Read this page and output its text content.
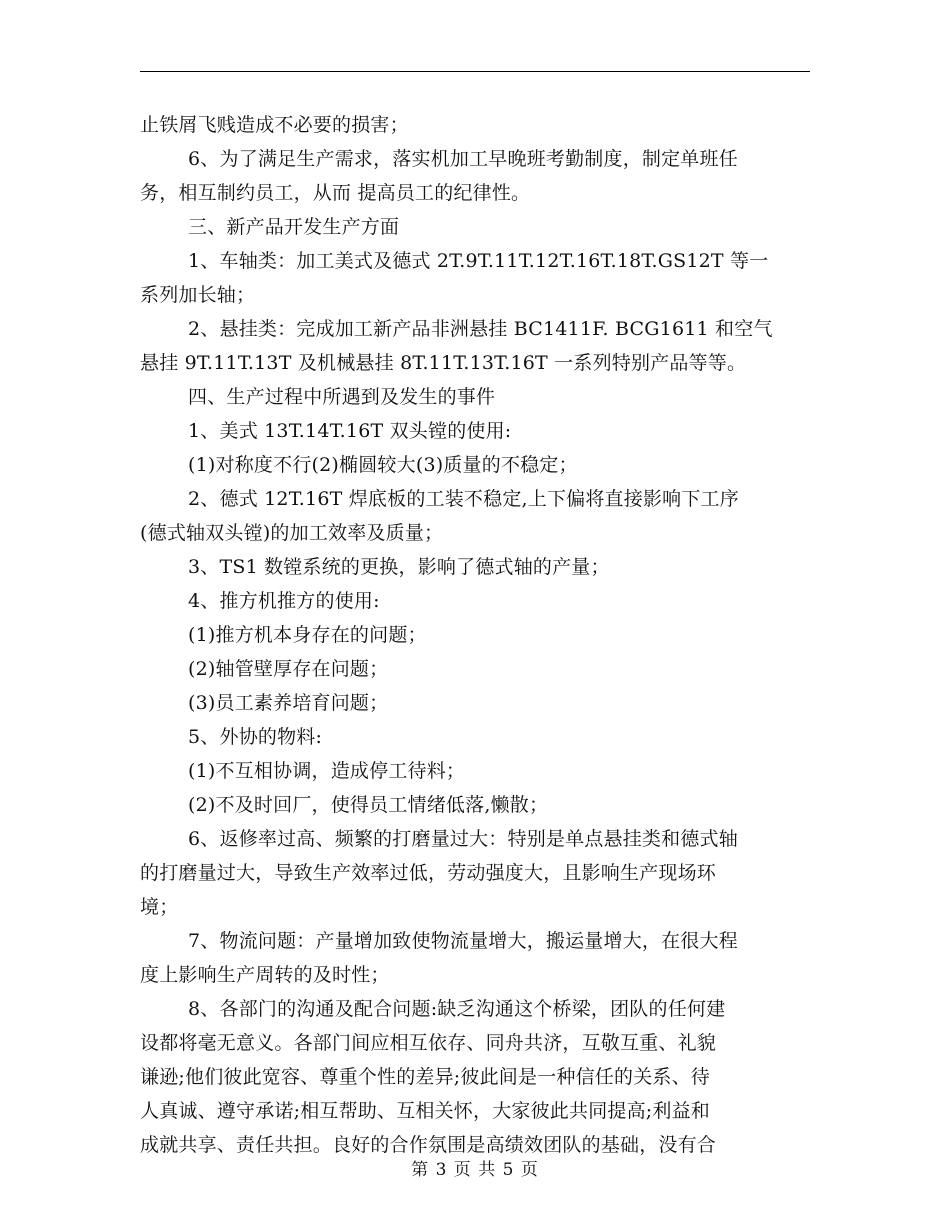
止铁屑飞贱造成不必要的损害；
6、为了满足生产需求，落实机加工早晚班考勤制度，制定单班任
务，相互制约员工，从而 提高员工的纪律性。
三、新产品开发生产方面
1、车轴类：加工美式及德式 2T.9T.11T.12T.16T.18T.GS12T 等一
系列加长轴；
2、悬挂类：完成加工新产品非洲悬挂 BC1411F. BCG1611 和空气
悬挂 9T.11T.13T 及机械悬挂 8T.11T.13T.16T 一系列特别产品等等。
四、生产过程中所遇到及发生的事件
1、美式 13T.14T.16T 双头镗的使用:
(1)对称度不行(2)椭圆较大(3)质量的不稳定；
2、德式 12T.16T 焊底板的工装不稳定,上下偏将直接影响下工序
(德式轴双头镗)的加工效率及质量；
3、TS1 数镗系统的更换，影响了德式轴的产量；
4、推方机推方的使用:
(1)推方机本身存在的问题；
(2)轴管壁厚存在问题；
(3)员工素养培育问题；
5、外协的物料:
(1)不互相协调，造成停工待料；
(2)不及时回厂，使得员工情绪低落,懒散；
6、返修率过高、频繁的打磨量过大：特别是单点悬挂类和德式轴
的打磨量过大，导致生产效率过低，劳动强度大，且影响生产现场环
境；
7、物流问题：产量增加致使物流量增大，搬运量增大，在很大程
度上影响生产周转的及时性；
8、各部门的沟通及配合问题:缺乏沟通这个桥梁，团队的任何建
设都将毫无意义。各部门间应相互依存、同舟共济，互敬互重、礼貌
谦逊;他们彼此宽容、尊重个性的差异;彼此间是一种信任的关系、待
人真诚、遵守承诺;相互帮助、互相关怀，大家彼此共同提高;利益和
成就共享、责任共担。良好的合作氛围是高绩效团队的基础，没有合
第 3 页 共 5 页
